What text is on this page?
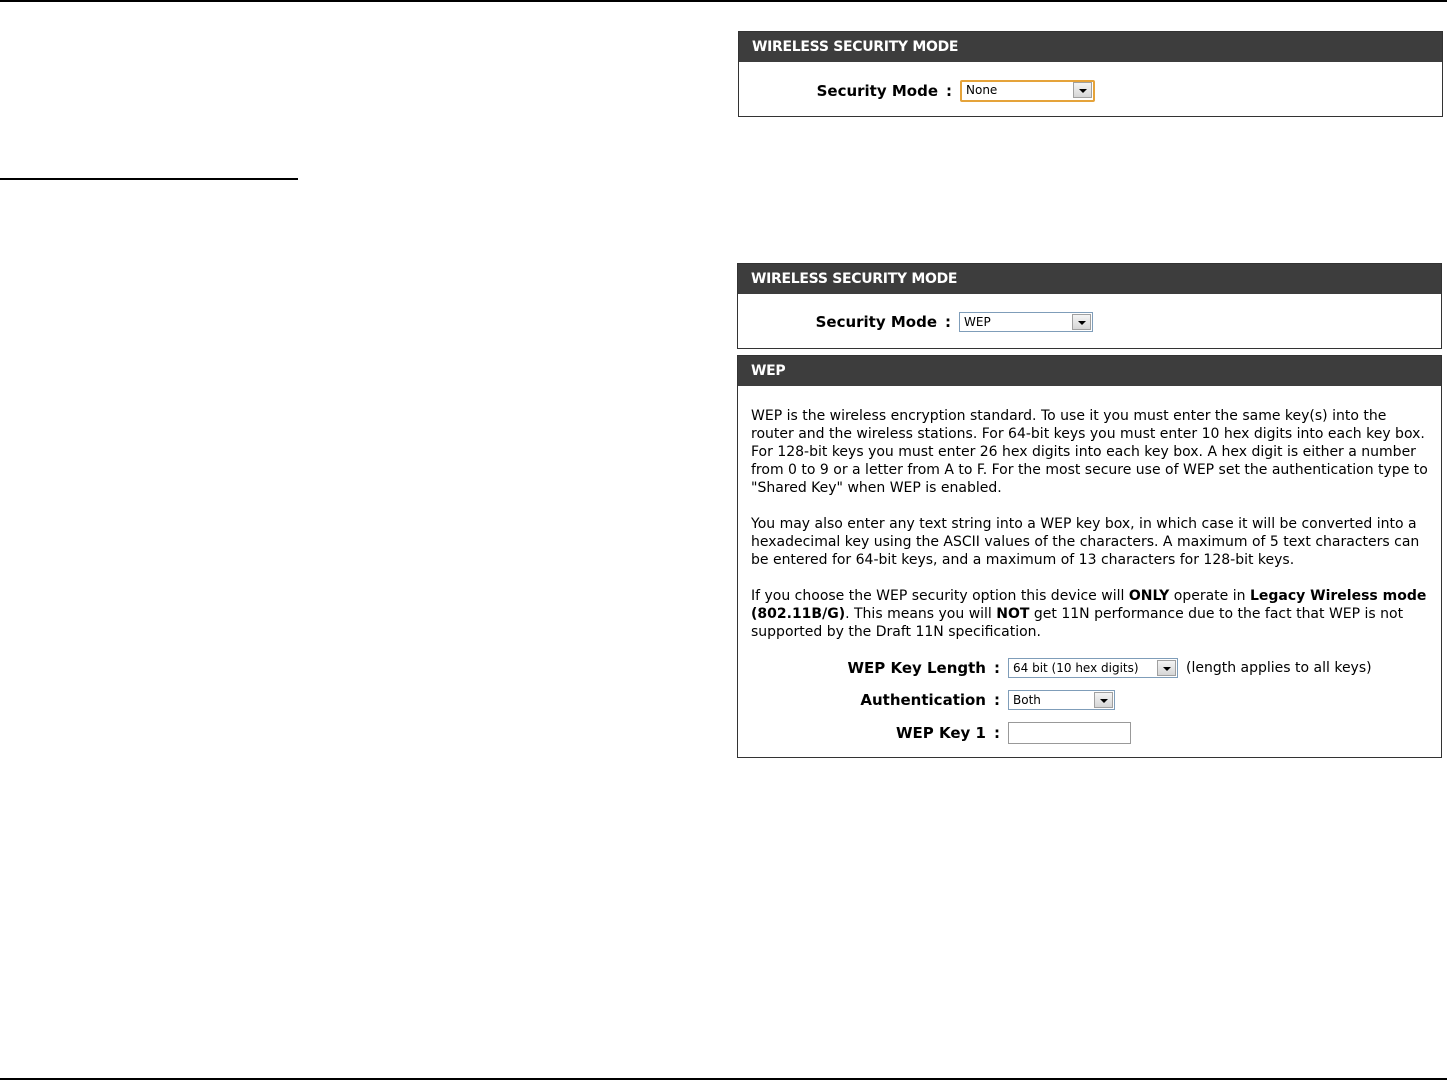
WIRELESS SECURITY MODE
Security Mode :	None
WIRELESS SECURITY MODE
Security Mode :	WEP
WEP

WEP is the wireless encryption standard. To use it you must enter the same key(s) into the router and the wireless stations. For 64-bit keys you must enter 10 hex digits into each key box. For 128-bit keys you must enter 26 hex digits into each key box. A hex digit is either a number from 0 to 9 or a letter from A to F. For the most secure use of WEP set the authentication type to "Shared Key" when WEP is enabled.

You may also enter any text string into a WEP key box, in which case it will be converted into a hexadecimal key using the ASCII values of the characters. A maximum of 5 text characters can be entered for 64-bit keys, and a maximum of 13 characters for 128-bit keys.

If you choose the WEP security option this device will ONLY operate in Legacy Wireless mode (802.11B/G). This means you will NOT get 11N performance due to the fact that WEP is not supported by the Draft 11N specification.

WEP Key Length :	64 bit (10 hex digits)	(length applies to all keys)
Authentication :	Both
WEP Key 1 :
